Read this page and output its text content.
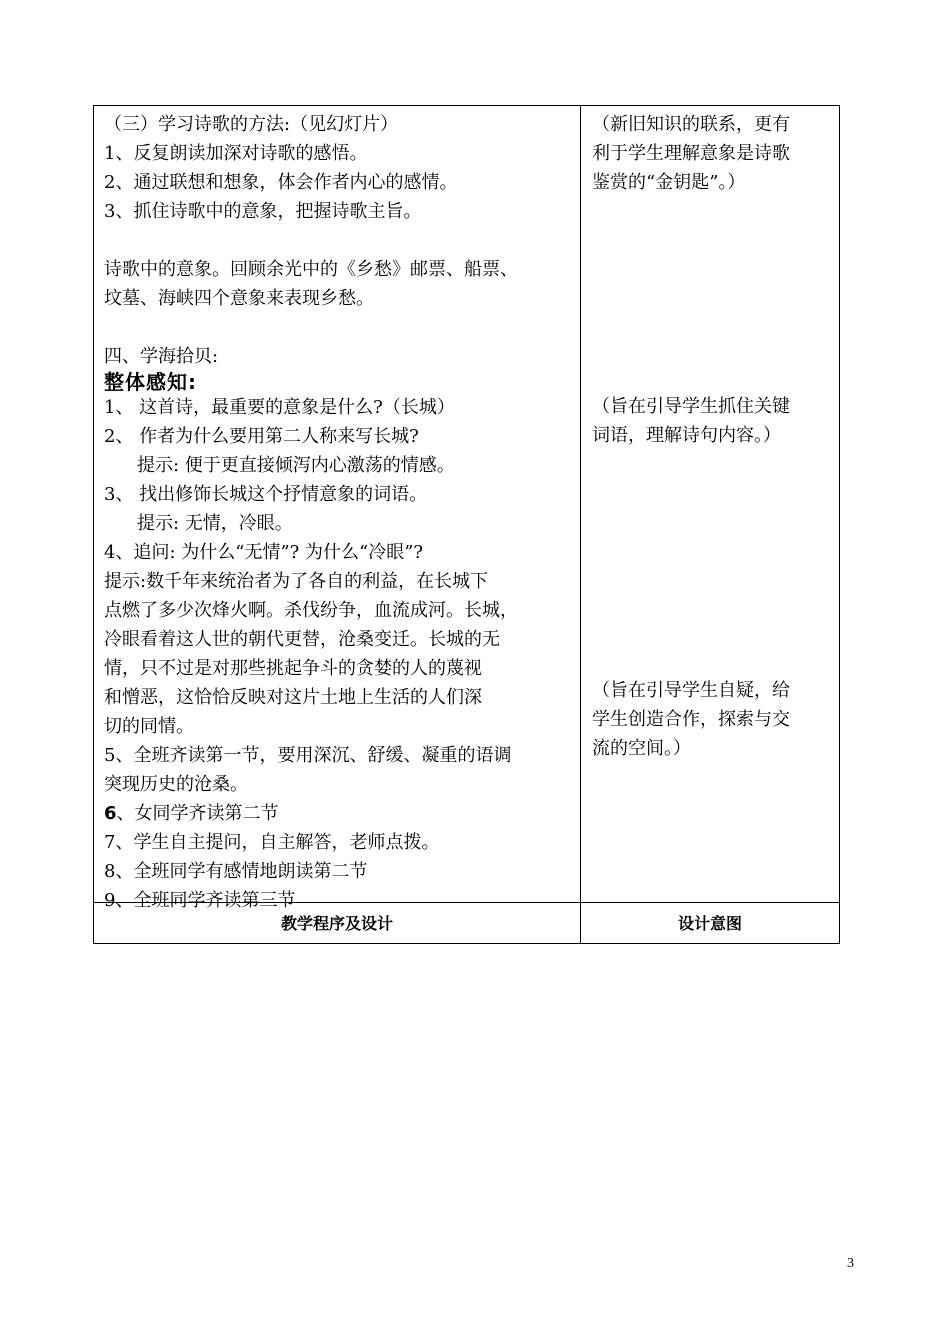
（三）学习诗歌的方法:（见幻灯片）
1、反复朗读加深对诗歌的感悟。
2、通过联想和想象，体会作者内心的感情。
3、抓住诗歌中的意象，把握诗歌主旨。
诗歌中的意象。回顾余光中的《乡愁》邮票、船票、
坟墓、海峡四个意象来表现乡愁。
四、学海拾贝:
整体感知:
1、 这首诗，最重要的意象是什么?（长城）
2、 作者为什么要用第二人称来写长城?
提示: 便于更直接倾泻内心激荡的情感。
3、 找出修饰长城这个抒情意象的词语。
提示: 无情，冷眼。
4、追问: 为什么“无情”? 为什么“冷眼”?
提示:数千年来统治者为了各自的利益，在长城下
点燃了多少次烽火啊。杀伐纷争，血流成河。长城，
冷眼看着这人世的朝代更替，沧桑变迁。长城的无
情，只不过是对那些挑起争斗的贪婪的人的蔑视
和憎恶，这恰恰反映对这片土地上生活的人们深
切的同情。
5、全班齐读第一节，要用深沉、舒缓、凝重的语调
突现历史的沧桑。
6、女同学齐读第二节
7、学生自主提问，自主解答，老师点拨。
8、全班同学有感情地朗读第二节
9、全班同学齐读第三节
（新旧知识的联系，更有
利于学生理解意象是诗歌
鉴赏的“金钥匙”。）
（旨在引导学生抓住关键
词语，理解诗句内容。）
（旨在引导学生自疑，给
学生创造合作，探索与交
流的空间。）
教学程序及设计	设计意图
3
